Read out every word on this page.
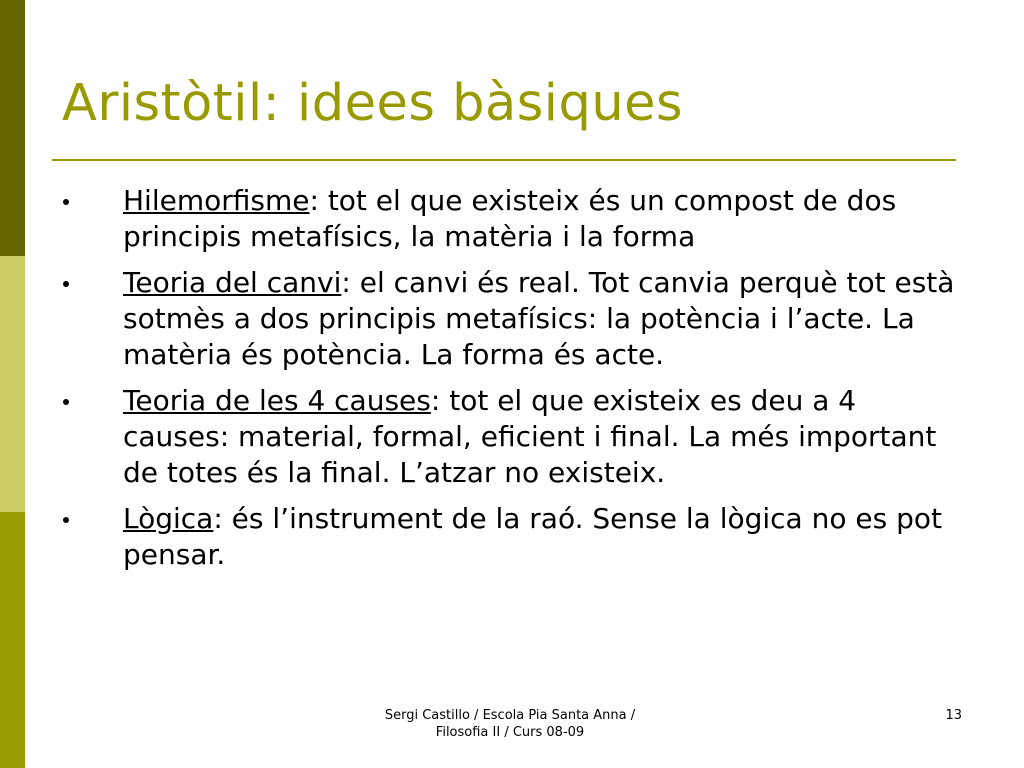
Aristòtil: idees bàsiques
Hilemorfisme: tot el que existeix és un compost de dos principis metafísics, la matèria i la forma
Teoria del canvi: el canvi és real. Tot canvia perquè tot està sotmès a dos principis metafísics: la potència i l’acte. La matèria és potència. La forma és acte.
Teoria de les 4 causes: tot el que existeix es deu a 4 causes: material, formal, eficient i final. La més important de totes és la final. L’atzar no existeix.
Lògica: és l’instrument de la raó. Sense la lògica no es pot pensar.
Sergi Castillo / Escola Pia Santa Anna /
Filosofia II / Curs 08-09
13
